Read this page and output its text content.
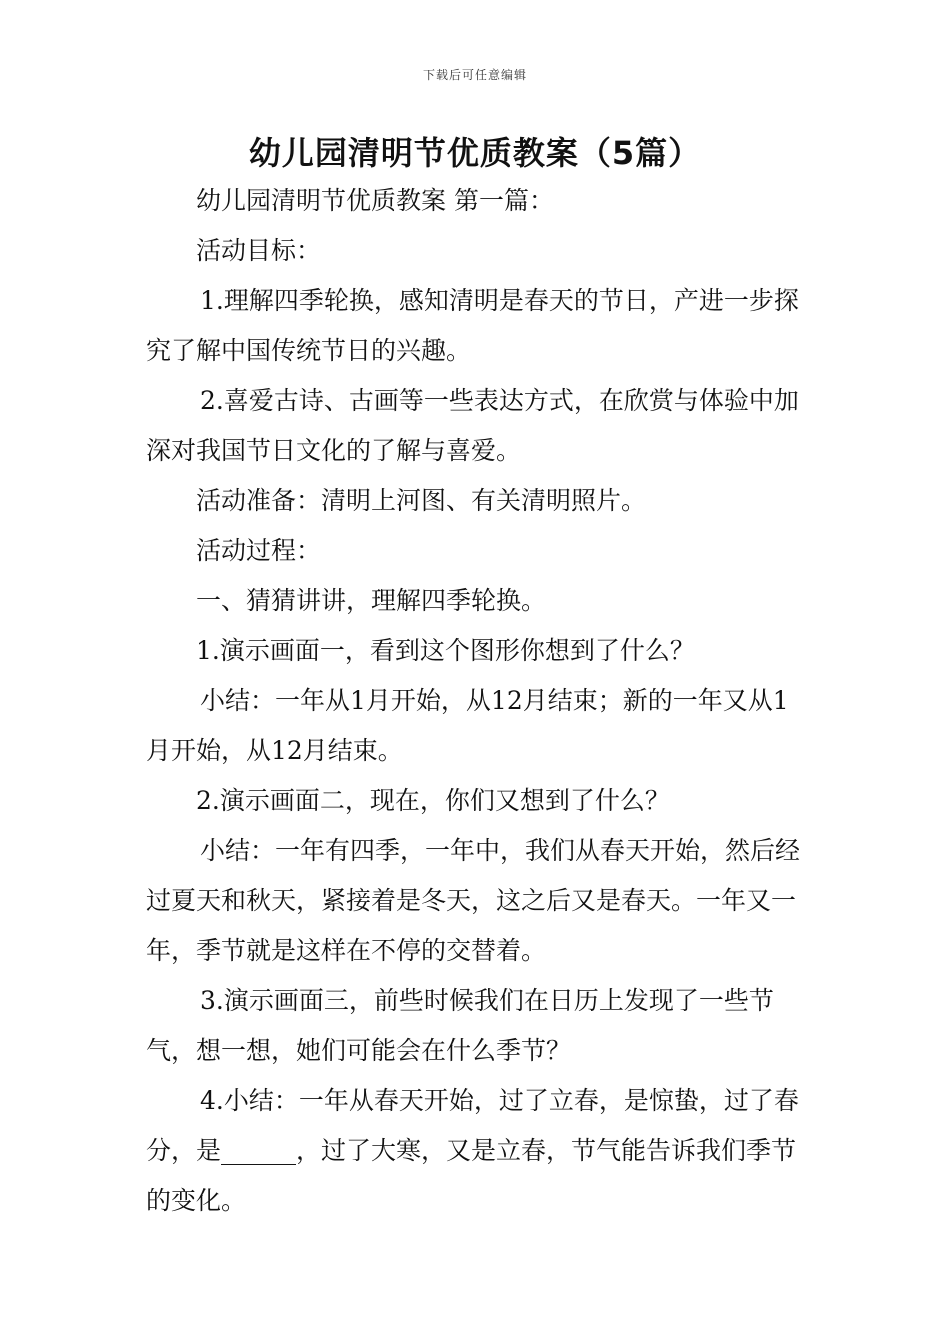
下载后可任意编辑
幼儿园清明节优质教案（5篇）

幼儿园清明节优质教案 第一篇：

活动目标：

1.理解四季轮换，感知清明是春天的节日，产进一步探究了解中国传统节日的兴趣。

2.喜爱古诗、古画等一些表达方式，在欣赏与体验中加深对我国节日文化的了解与喜爱。

活动准备：清明上河图、有关清明照片。

活动过程：

一、猜猜讲讲，理解四季轮换。

1.演示画面一，看到这个图形你想到了什么？

小结：一年从1月开始，从12月结束；新的一年又从1月开始，从12月结束。

2.演示画面二，现在，你们又想到了什么？

小结：一年有四季，一年中，我们从春天开始，然后经过夏天和秋天，紧接着是冬天，这之后又是春天。一年又一年，季节就是这样在不停的交替着。

3.演示画面三，前些时候我们在日历上发现了一些节气，想一想，她们可能会在什么季节？

4.小结：一年从春天开始，过了立春，是惊蛰，过了春分，是______，过了大寒，又是立春，节气能告诉我们季节的变化。
